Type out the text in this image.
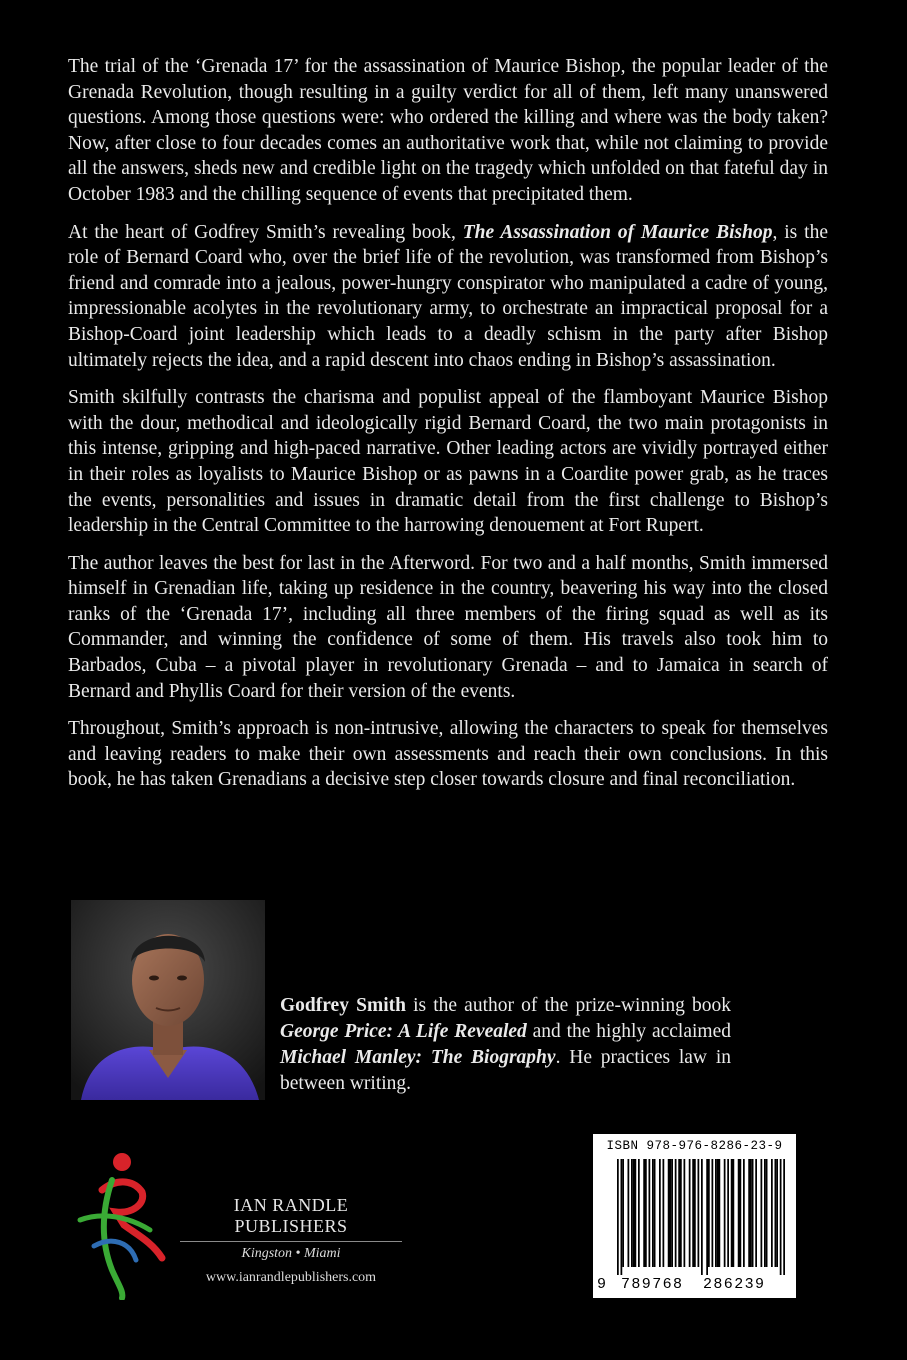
The trial of the ‘Grenada 17’ for the assassination of Maurice Bishop, the popular leader of the Grenada Revolution, though resulting in a guilty verdict for all of them, left many unanswered questions. Among those questions were: who ordered the killing and where was the body taken? Now, after close to four decades comes an authoritative work that, while not claiming to provide all the answers, sheds new and credible light on the tragedy which unfolded on that fateful day in October 1983 and the chilling sequence of events that precipitated them.

At the heart of Godfrey Smith’s revealing book, The Assassination of Maurice Bishop, is the role of Bernard Coard who, over the brief life of the revolution, was transformed from Bishop’s friend and comrade into a jealous, power-hungry conspirator who manipulated a cadre of young, impressionable acolytes in the revolutionary army, to orchestrate an impractical proposal for a Bishop-Coard joint leadership which leads to a deadly schism in the party after Bishop ultimately rejects the idea, and a rapid descent into chaos ending in Bishop’s assassination.

Smith skilfully contrasts the charisma and populist appeal of the flamboyant Maurice Bishop with the dour, methodical and ideologically rigid Bernard Coard, the two main protagonists in this intense, gripping and high-paced narrative. Other leading actors are vividly portrayed either in their roles as loyalists to Maurice Bishop or as pawns in a Coardite power grab, as he traces the events, personalities and issues in dramatic detail from the first challenge to Bishop’s leadership in the Central Committee to the harrowing denouement at Fort Rupert.

The author leaves the best for last in the Afterword. For two and a half months, Smith immersed himself in Grenadian life, taking up residence in the country, beavering his way into the closed ranks of the ‘Grenada 17’, including all three members of the firing squad as well as its Commander, and winning the confidence of some of them. His travels also took him to Barbados, Cuba – a pivotal player in revolutionary Grenada – and to Jamaica in search of Bernard and Phyllis Coard for their version of the events.

Throughout, Smith’s approach is non-intrusive, allowing the characters to speak for themselves and leaving readers to make their own assessments and reach their own conclusions. In this book, he has taken Grenadians a decisive step closer towards closure and final reconciliation.

Godfrey Smith is the author of the prize-winning book George Price: A Life Revealed and the highly acclaimed Michael Manley: The Biography. He practices law in between writing.

IAN RANDLE PUBLISHERS
Kingston • Miami
www.ianrandlepublishers.com
ISBN 978-976-8286-23-9
9 789768 286239
